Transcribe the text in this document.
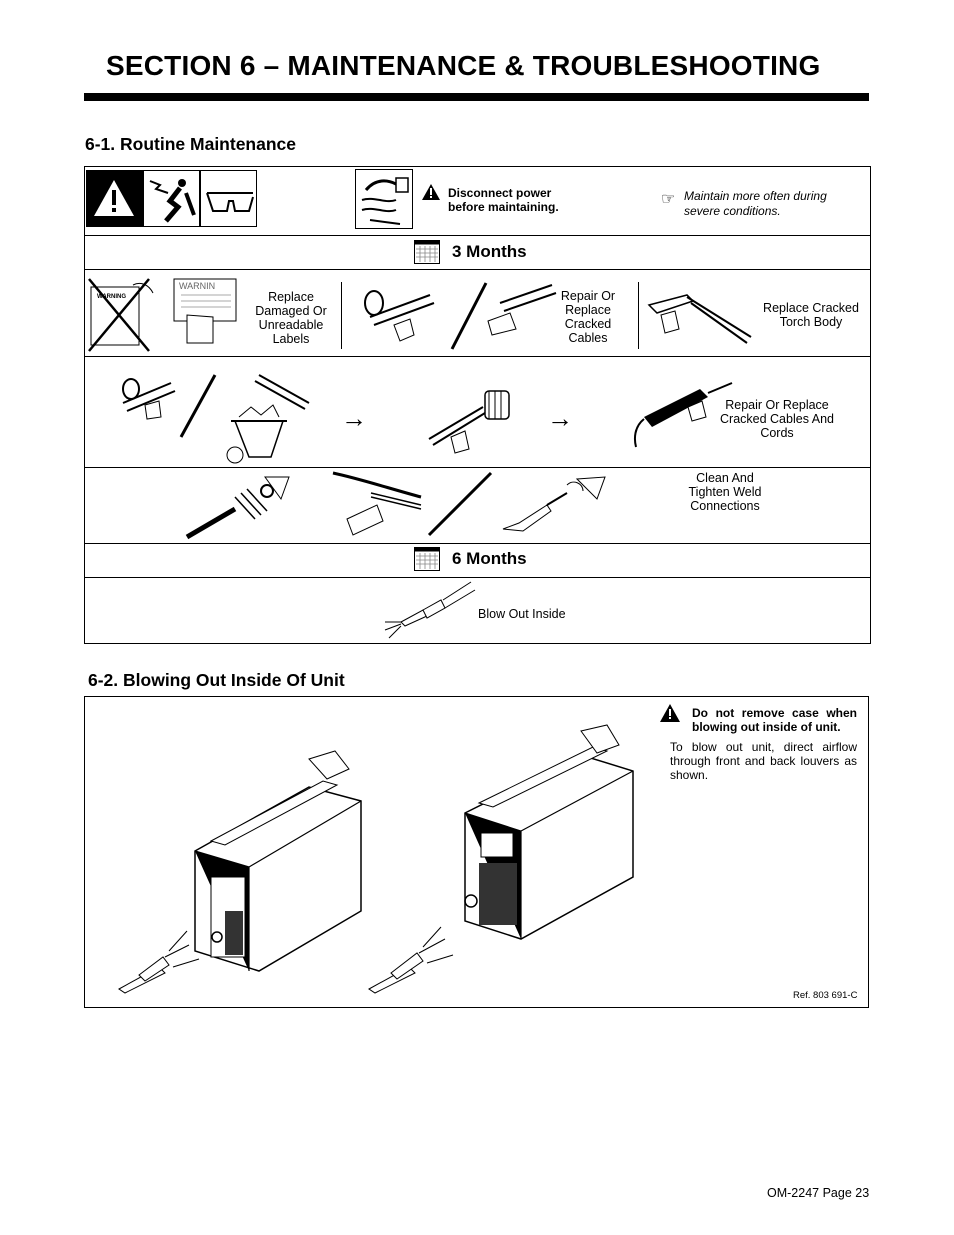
SECTION 6 – MAINTENANCE & TROUBLESHOOTING
6-1. Routine Maintenance
Disconnect power before maintaining.	☞ Maintain more often during severe conditions.
3 Months
WARNING
WARNIN
Replace Damaged Or Unreadable Labels
Repair Or Replace Cracked Cables
Replace Cracked Torch Body
→	→	Repair Or Replace Cracked Cables And Cords
Clean And Tighten Weld Connections
6 Months
Blow Out Inside
6-2. Blowing Out Inside Of Unit
Do not remove case when blowing out inside of unit.
To blow out unit, direct airflow through front and back louvers as shown.
Ref. 803 691-C
OM-2247 Page 23
